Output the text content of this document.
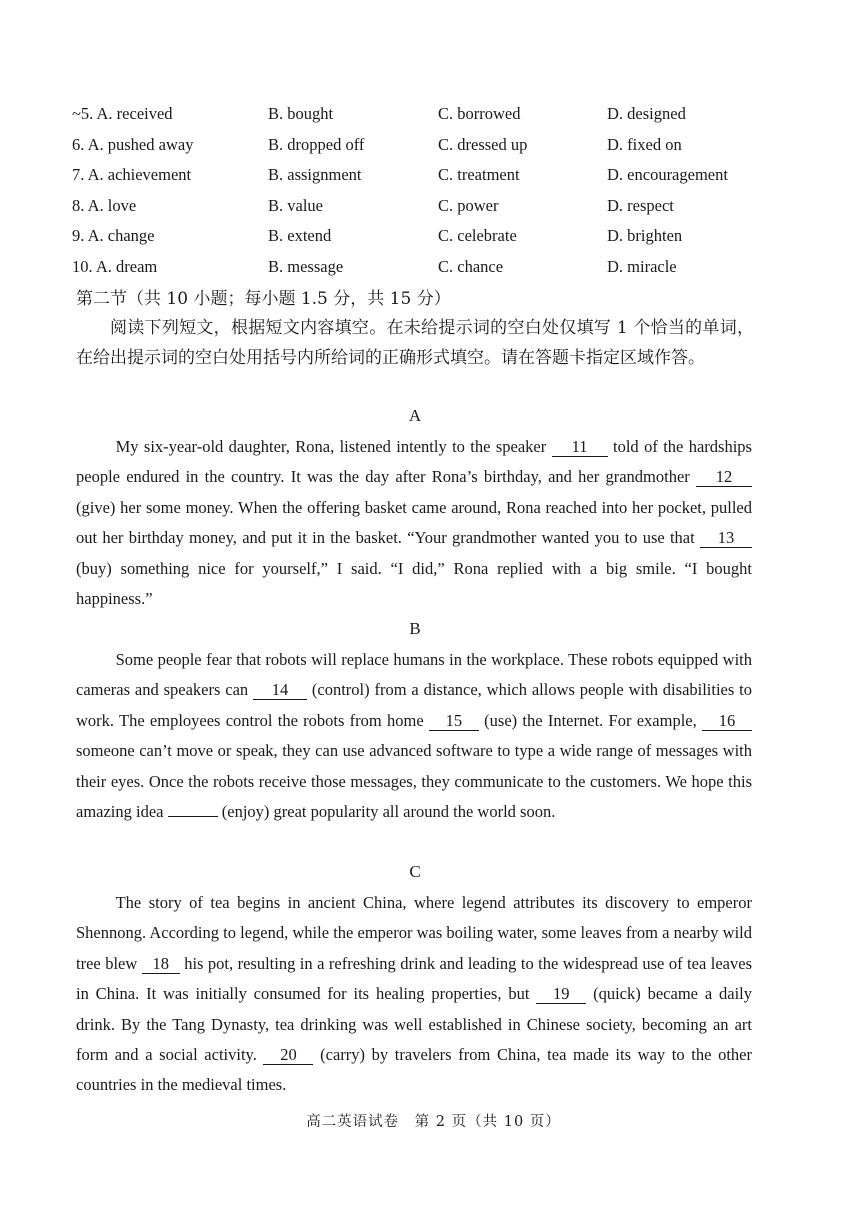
~5. A. received	B. bought	C. borrowed	D. designed
6. A. pushed away	B. dropped off	C. dressed up	D. fixed on
7. A. achievement	B. assignment	C. treatment	D. encouragement
8. A. love	B. value	C. power	D. respect
9. A. change	B. extend	C. celebrate	D. brighten
10. A. dream	B. message	C. chance	D. miracle
第二节（共 10 小题；每小题 1.5 分，共 15 分）
阅读下列短文，根据短文内容填空。在未给提示词的空白处仅填写 1 个恰当的单词，在给出提示词的空白处用括号内所给词的正确形式填空。请在答题卡指定区域作答。
A
My six-year-old daughter, Rona, listened intently to the speaker 11 told of the hardships people endured in the country. It was the day after Rona’s birthday, and her grandmother 12 (give) her some money. When the offering basket came around, Rona reached into her pocket, pulled out her birthday money, and put it in the basket. “Your grandmother wanted you to use that 13 (buy) something nice for yourself,” I said. “I did,” Rona replied with a big smile. “I bought happiness.”
B
Some people fear that robots will replace humans in the workplace. These robots equipped with cameras and speakers can 14 (control) from a distance, which allows people with disabilities to work. The employees control the robots from home 15 (use) the Internet. For example, 16 someone can’t move or speak, they can use advanced software to type a wide range of messages with their eyes. Once the robots receive those messages, they communicate to the customers. We hope this amazing idea	(enjoy) great popularity all around the world soon.
C
The story of tea begins in ancient China, where legend attributes its discovery to emperor Shennong. According to legend, while the emperor was boiling water, some leaves from a nearby wild tree blew 18 his pot, resulting in a refreshing drink and leading to the widespread use of tea leaves in China. It was initially consumed for its healing properties, but 19 (quick) became a daily drink. By the Tang Dynasty, tea drinking was well established in Chinese society, becoming an art form and a social activity. 20 (carry) by travelers from China, tea made its way to the other countries in the medieval times.
高二英语试卷　第 2 页（共 10 页）
